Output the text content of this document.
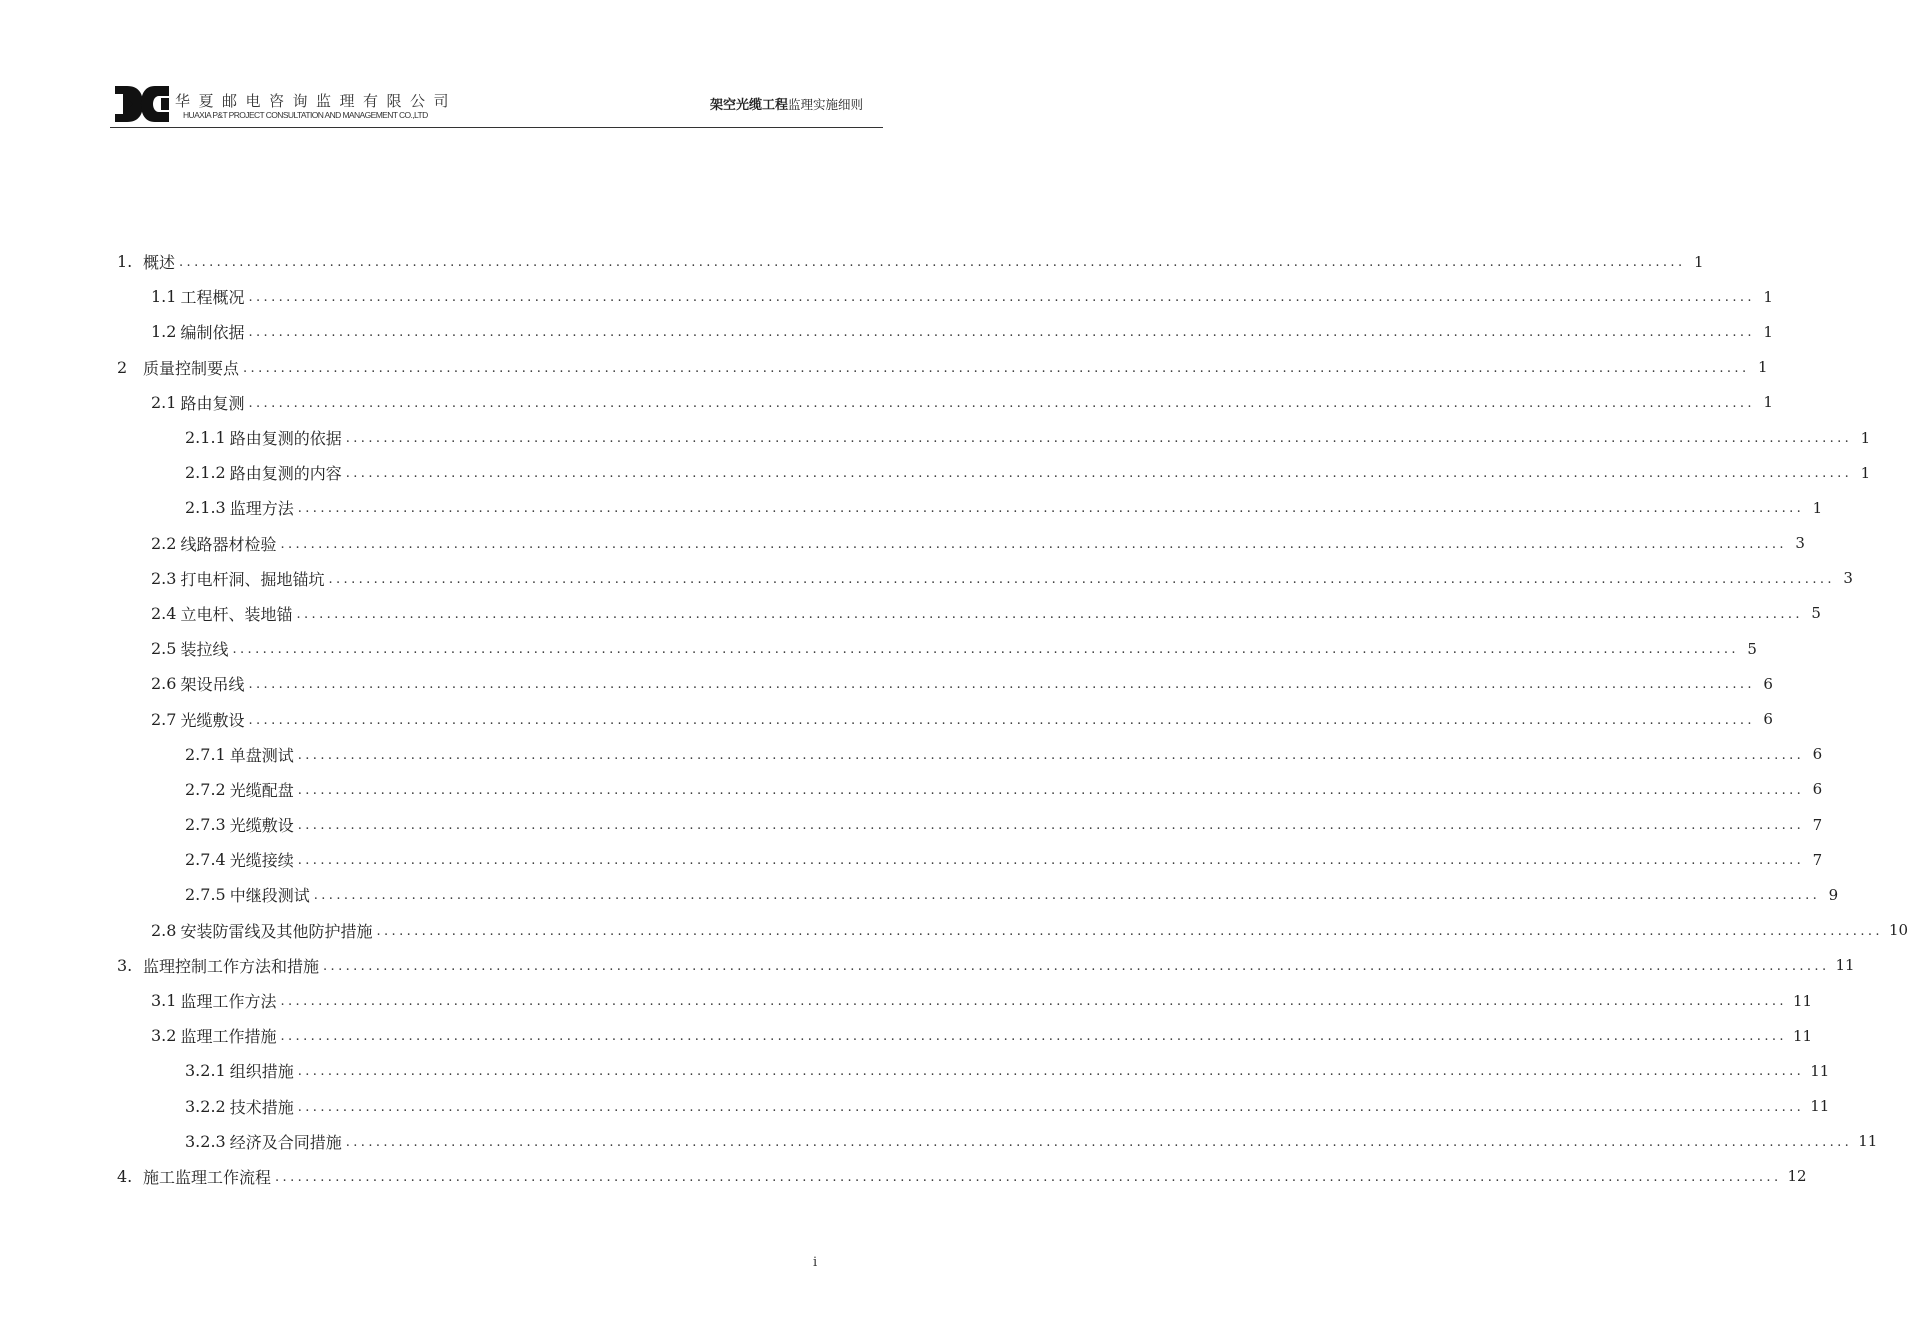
华夏邮电咨询监理有限公司
HUAXIA P&T PROJECT CONSULTATION AND MANAGEMENT CO.,LTD
架空光缆工程监理实施细则
1. 概述 ........................................................................................................................................................................................................ 1
1.1 工程概况 ........................................................................................................................................................................................................ 1
1.2 编制依据 ........................................................................................................................................................................................................ 1
2 质量控制要点 ........................................................................................................................................................................................................ 1
2.1 路由复测 ........................................................................................................................................................................................................ 1
2.1.1 路由复测的依据 ........................................................................................................................................................................................................ 1
2.1.2 路由复测的内容 ........................................................................................................................................................................................................ 1
2.1.3 监理方法 ........................................................................................................................................................................................................ 1
2.2 线路器材检验 ........................................................................................................................................................................................................ 3
2.3 打电杆洞、掘地锚坑 ........................................................................................................................................................................................................ 3
2.4 立电杆、装地锚 ........................................................................................................................................................................................................ 5
2.5 装拉线 ........................................................................................................................................................................................................ 5
2.6 架设吊线 ........................................................................................................................................................................................................ 6
2.7 光缆敷设 ........................................................................................................................................................................................................ 6
2.7.1 单盘测试 ........................................................................................................................................................................................................ 6
2.7.2 光缆配盘 ........................................................................................................................................................................................................ 6
2.7.3 光缆敷设 ........................................................................................................................................................................................................ 7
2.7.4 光缆接续 ........................................................................................................................................................................................................ 7
2.7.5 中继段测试 ........................................................................................................................................................................................................ 9
2.8 安装防雷线及其他防护措施 ........................................................................................................................................................................................................ 10
3. 监理控制工作方法和措施 ........................................................................................................................................................................................................ 11
3.1 监理工作方法 ........................................................................................................................................................................................................ 11
3.2 监理工作措施 ........................................................................................................................................................................................................ 11
3.2.1 组织措施 ........................................................................................................................................................................................................ 11
3.2.2 技术措施 ........................................................................................................................................................................................................ 11
3.2.3 经济及合同措施 ........................................................................................................................................................................................................ 11
4. 施工监理工作流程 ........................................................................................................................................................................................................ 12
i
